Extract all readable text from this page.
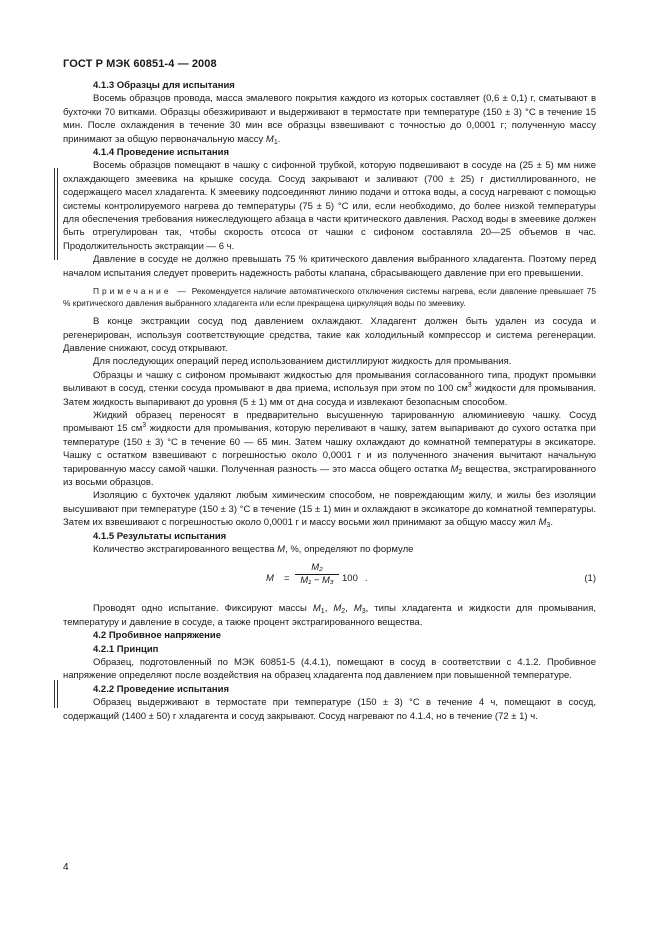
ГОСТ Р МЭК 60851-4 — 2008

4.1.3 Образцы для испытания

Восемь образцов провода, масса эмалевого покрытия каждого из которых составляет (0,6 ± 0,1) г, сматывают в бухточки 70 витками. Образцы обезжиривают и выдерживают в термостате при температуре (150 ± 3) °С в течение 15 мин. После охлаждения в течение 30 мин все образцы взвешивают с точностью до 0,0001 г; полученную массу принимают за общую первоначальную массу $M_1$.

4.1.4 Проведение испытания

Восемь образцов помещают в чашку с сифонной трубкой, которую подвешивают в сосуде на (25 ± 5) мм ниже охлаждающего змеевика на крышке сосуда. Сосуд закрывают и заливают (700 ± 25) г дистиллированного, не содержащего масел хладагента. К змеевику подсоединяют линию подачи и оттока воды, а сосуд нагревают с помощью системы контролируемого нагрева до температуры (75 ± 5) °С или, если необходимо, до более низкой температуры для обеспечения требования нижеследующего абзаца в части критического давления. Расход воды в змеевике должен быть отрегулирован так, чтобы скорость отсоса от чашки с сифоном составляла 20—25 объемов в час. Продолжительность экстракции — 6 ч.

Давление в сосуде не должно превышать 75 % критического давления выбранного хладагента. Поэтому перед началом испытания следует проверить надежность работы клапана, сбрасывающего давление при его превышении.

Примечание — Рекомендуется наличие автоматического отключения системы нагрева, если давление превышает 75 % критического давления выбранного хладагента или если прекращена циркуляция воды по змеевику.

В конце экстракции сосуд под давлением охлаждают. Хладагент должен быть удален из сосуда и регенерирован, используя соответствующие средства, такие как холодильный компрессор и система регенерации. Давление снижают, сосуд открывают.

Для последующих операций перед использованием дистиллируют жидкость для промывания.

Образцы и чашку с сифоном промывают жидкостью для промывания согласованного типа, продукт промывки выливают в сосуд, стенки сосуда промывают в два приема, используя при этом по 100 $см^3$ жидкости для промывания. Затем жидкость выпаривают до уровня (5 ± 1) мм от дна сосуда и извлекают безопасным способом.

Жидкий образец переносят в предварительно высушенную тарированную алюминиевую чашку. Сосуд промывают 15 $см^3$ жидкости для промывания, которую переливают в чашку, затем выпаривают до сухого остатка при температуре (150 ± 3) °С в течение 60 — 65 мин. Затем чашку охлаждают до комнатной температуры в эксикаторе. Чашку с остатком взвешивают с погрешностью около 0,0001 г и из полученного значения вычитают начальную тарированную массу самой чашки. Полученная разность — это масса общего остатка $M_2$ вещества, экстрагированного из восьми образцов.

Изоляцию с бухточек удаляют любым химическим способом, не повреждающим жилу, и жилы без изоляции высушивают при температуре (150 ± 3) °С в течение (15 ± 1) мин и охлаждают в эксикаторе до комнатной температуры. Затем их взвешивают с погрешностью около 0,0001 г и массу восьми жил принимают за общую массу жил $M_3$.

4.1.5 Результаты испытания

Количество экстрагированного вещества M, %, определяют по формуле

$M = \frac{\text{M₂}}{\text{M₁ − M₃}} 100$ .	(1)

Проводят одно испытание. Фиксируют массы $M_1$, $M_2$, $M_3$, типы хладагента и жидкости для промывания, температуру и давление в сосуде, а также процент экстрагированного вещества.

4.2 Пробивное напряжение

4.2.1 Принцип

Образец, подготовленный по МЭК 60851-5 (4.4.1), помещают в сосуд в соответствии с 4.1.2. Пробивное напряжение определяют после воздействия на образец хладагента под давлением при повышенной температуре.

4.2.2 Проведение испытания

Образец выдерживают в термостате при температуре (150 ± 3) °С в течение 4 ч, помещают в сосуд, содержащий (1400 ± 50) г хладагента и сосуд закрывают. Сосуд нагревают по 4.1.4, но в течение (72 ± 1) ч.

4
